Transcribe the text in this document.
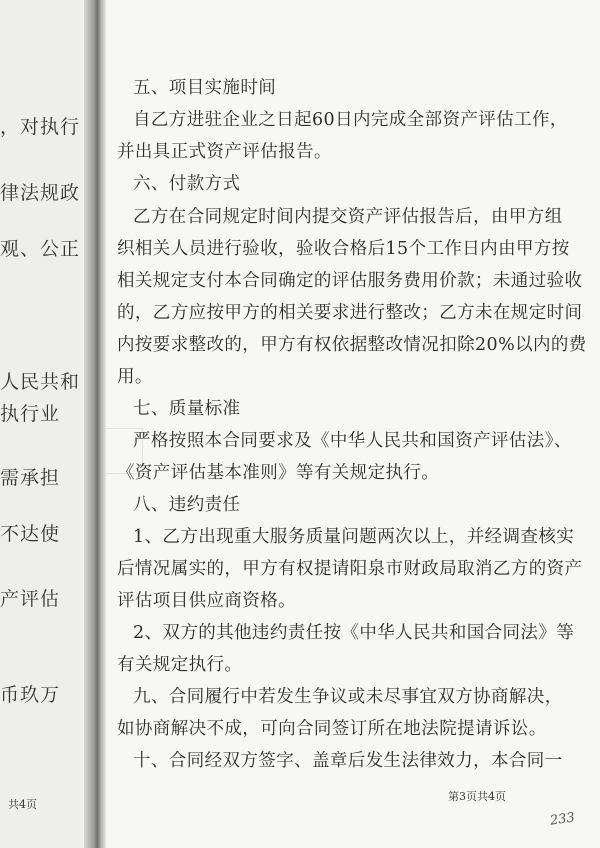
，对执行
律法规政
观、公正
人民共和
执行业
需承担
不达使
产评估
币玖万
共4页
五、项目实施时间
自乙方进驻企业之日起60日内完成全部资产评估工作，
并出具正式资产评估报告。
六、付款方式
乙方在合同规定时间内提交资产评估报告后，由甲方组
织相关人员进行验收，验收合格后15个工作日内由甲方按
相关规定支付本合同确定的评估服务费用价款；未通过验收
的，乙方应按甲方的相关要求进行整改；乙方未在规定时间
内按要求整改的，甲方有权依据整改情况扣除20%以内的费
用。
七、质量标准
严格按照本合同要求及《中华人民共和国资产评估法》、
《资产评估基本准则》等有关规定执行。
八、违约责任
1、乙方出现重大服务质量问题两次以上，并经调查核实
后情况属实的，甲方有权提请阳泉市财政局取消乙方的资产
评估项目供应商资格。
2、双方的其他违约责任按《中华人民共和国合同法》等
有关规定执行。
九、合同履行中若发生争议或未尽事宜双方协商解决，
如协商解决不成，可向合同签订所在地法院提请诉讼。
十、合同经双方签字、盖章后发生法律效力，本合同一
第3页共4页
233
